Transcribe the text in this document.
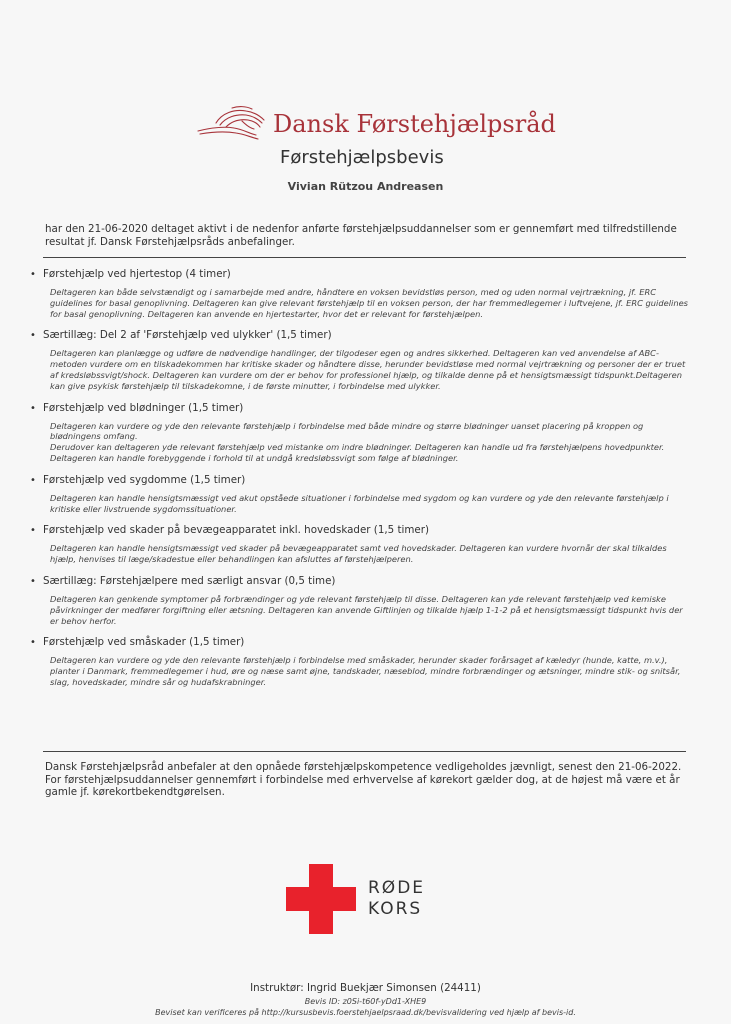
Dansk Førstehjælpsråd
Førstehjælpsbevis
Vivian Rützou Andreasen
har den 21-06-2020 deltaget aktivt i de nedenfor anførte førstehjælpsuddannelser som er gennemført med tilfredstillende resultat jf. Dansk Førstehjælpsråds anbefalinger.
• Førstehjælp ved hjertestop (4 timer)

Deltageren kan både selvstændigt og i samarbejde med andre, håndtere en voksen bevidstløs person, med og uden normal vejrtrækning, jf. ERC guidelines for basal genoplivning. Deltageren kan give relevant førstehjælp til en voksen person, der har fremmedlegemer i luftvejene, jf. ERC guidelines for basal genoplivning. Deltageren kan anvende en hjertestarter, hvor det er relevant for førstehjælpen.

• Særtillæg: Del 2 af 'Førstehjælp ved ulykker' (1,5 timer)

Deltageren kan planlægge og udføre de nødvendige handlinger, der tilgodeser egen og andres sikkerhed. Deltageren kan ved anvendelse af ABC-metoden vurdere om en tilskadekommen har kritiske skader og håndtere disse, herunder bevidstløse med normal vejrtrækning og personer der er truet af kredsløbssvigt/shock. Deltageren kan vurdere om der er behov for professionel hjælp, og tilkalde denne på et hensigtsmæssigt tidspunkt.Deltageren kan give psykisk førstehjælp til tilskadekomne, i de første minutter, i forbindelse med ulykker.

• Førstehjælp ved blødninger (1,5 timer)

Deltageren kan vurdere og yde den relevante førstehjælp i forbindelse med både mindre og større blødninger uanset placering på kroppen og blødningens omfang.

Derudover kan deltageren yde relevant førstehjælp ved mistanke om indre blødninger. Deltageren kan handle ud fra førstehjælpens hovedpunkter.

Deltageren kan handle forebyggende i forhold til at undgå kredsløbssvigt som følge af blødninger.

• Førstehjælp ved sygdomme (1,5 timer)

Deltageren kan handle hensigtsmæssigt ved akut opståede situationer i forbindelse med sygdom og kan vurdere og yde den relevante førstehjælp i kritiske eller livstruende sygdomssituationer.

• Førstehjælp ved skader på bevægeapparatet inkl. hovedskader (1,5 timer)

Deltageren kan handle hensigtsmæssigt ved skader på bevægeapparatet samt ved hovedskader. Deltageren kan vurdere hvornår der skal tilkaldes hjælp, henvises til læge/skadestue eller behandlingen kan afsluttes af førstehjælperen.

• Særtillæg: Førstehjælpere med særligt ansvar (0,5 time)

Deltageren kan genkende symptomer på forbrændinger og yde relevant førstehjælp til disse. Deltageren kan yde relevant førstehjælp ved kemiske påvirkninger der medfører forgiftning eller ætsning. Deltageren kan anvende Giftlinjen og tilkalde hjælp 1-1-2 på et hensigtsmæssigt tidspunkt hvis der er behov herfor.

• Førstehjælp ved småskader (1,5 timer)

Deltageren kan vurdere og yde den relevante førstehjælp i forbindelse med småskader, herunder skader forårsaget af kæledyr (hunde, katte, m.v.), planter i Danmark, fremmedlegemer i hud, øre og næse samt øjne, tandskader, næseblod, mindre forbrændinger og ætsninger, mindre stik- og snitsår, slag, hovedskader, mindre sår og hudafskrabninger.

Dansk Førstehjælpsråd anbefaler at den opnåede førstehjælpskompetence vedligeholdes jævnligt, senest den 21-06-2022. For førstehjælpsuddannelser gennemført i forbindelse med erhvervelse af kørekort gælder dog, at de højest må være et år gamle jf. kørekortbekendtgørelsen.
RØDE
KORS
Instruktør: Ingrid Buekjær Simonsen (24411)
Bevis ID: z0Si-t60f-yDd1-XHE9
Beviset kan verificeres på http://kursusbevis.foerstehjaelpsraad.dk/bevisvalidering ved hjælp af bevis-id.
